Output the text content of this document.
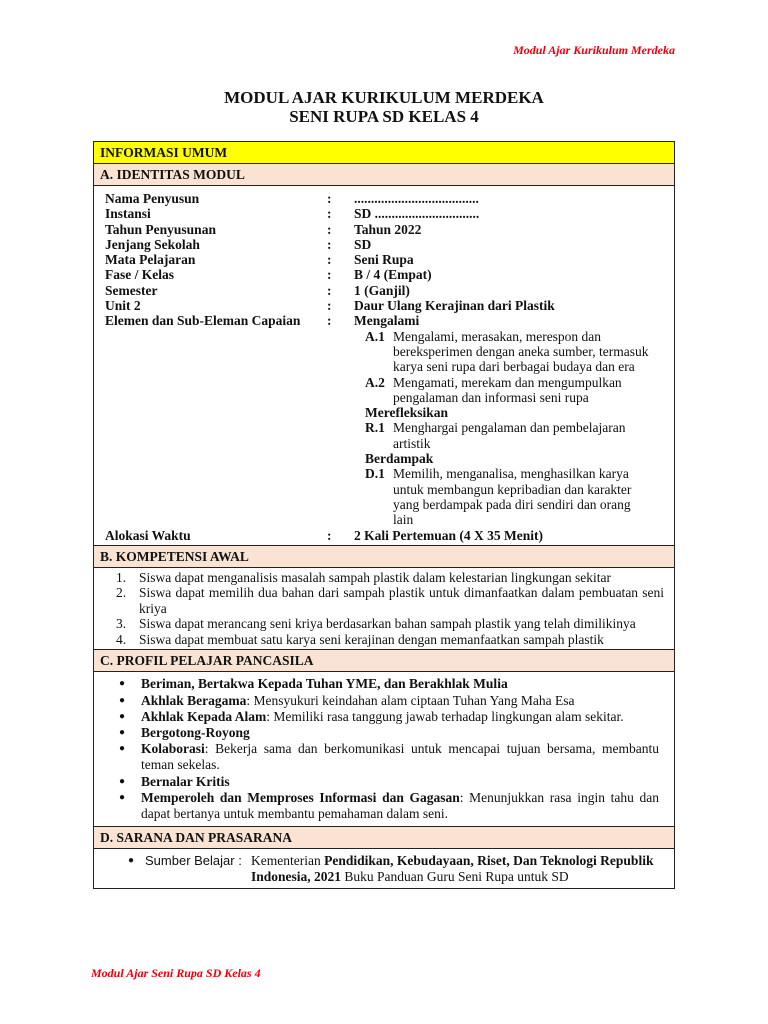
Modul Ajar Kurikulum Merdeka
MODUL AJAR KURIKULUM MERDEKA
SENI RUPA SD KELAS 4
INFORMASI UMUM
A. IDENTITAS MODUL
Nama Penyusun	:	.....................................
Instansi	:	SD ...............................
Tahun Penyusunan	:	Tahun 2022
Jenjang Sekolah	:	SD
Mata Pelajaran	:	Seni Rupa
Fase / Kelas	:	B / 4 (Empat)
Semester	:	1 (Ganjil)
Unit 2	:	Daur Ulang Kerajinan dari Plastik
Elemen dan Sub-Eleman Capaian	:	Mengalami
A.1 Mengalami, merasakan, merespon dan bereksperimen dengan aneka sumber, termasuk karya seni rupa dari berbagai budaya dan era
A.2 Mengamati, merekam dan mengumpulkan pengalaman dan informasi seni rupa
Merefleksikan
R.1 Menghargai pengalaman dan pembelajaran artistik
Berdampak
D.1 Memilih, menganalisa, menghasilkan karya untuk membangun kepribadian dan karakter yang berdampak pada diri sendiri dan orang lain
Alokasi Waktu	:	2 Kali Pertemuan (4 X 35 Menit)
B. KOMPETENSI AWAL
1. Siswa dapat menganalisis masalah sampah plastik dalam kelestarian lingkungan sekitar
2. Siswa dapat memilih dua bahan dari sampah plastik untuk dimanfaatkan dalam pembuatan seni kriya
3. Siswa dapat merancang seni kriya berdasarkan bahan sampah plastik yang telah dimilikinya
4. Siswa dapat membuat satu karya seni kerajinan dengan memanfaatkan sampah plastik
C. PROFIL PELAJAR PANCASILA
●	Beriman, Bertakwa Kepada Tuhan YME, dan Berakhlak Mulia
●	Akhlak Beragama: Mensyukuri keindahan alam ciptaan Tuhan Yang Maha Esa
●	Akhlak Kepada Alam: Memiliki rasa tanggung jawab terhadap lingkungan alam sekitar.
●	Bergotong-Royong
●	Kolaborasi: Bekerja sama dan berkomunikasi untuk mencapai tujuan bersama, membantu teman sekelas.
●	Bernalar Kritis
●	Memperoleh dan Memproses Informasi dan Gagasan: Menunjukkan rasa ingin tahu dan dapat bertanya untuk membantu pemahaman dalam seni.
D. SARANA DAN PRASARANA
● Sumber Belajar : Kementerian Pendidikan, Kebudayaan, Riset, Dan Teknologi Republik Indonesia, 2021 Buku Panduan Guru Seni Rupa untuk SD
Modul Ajar Seni Rupa SD Kelas 4
